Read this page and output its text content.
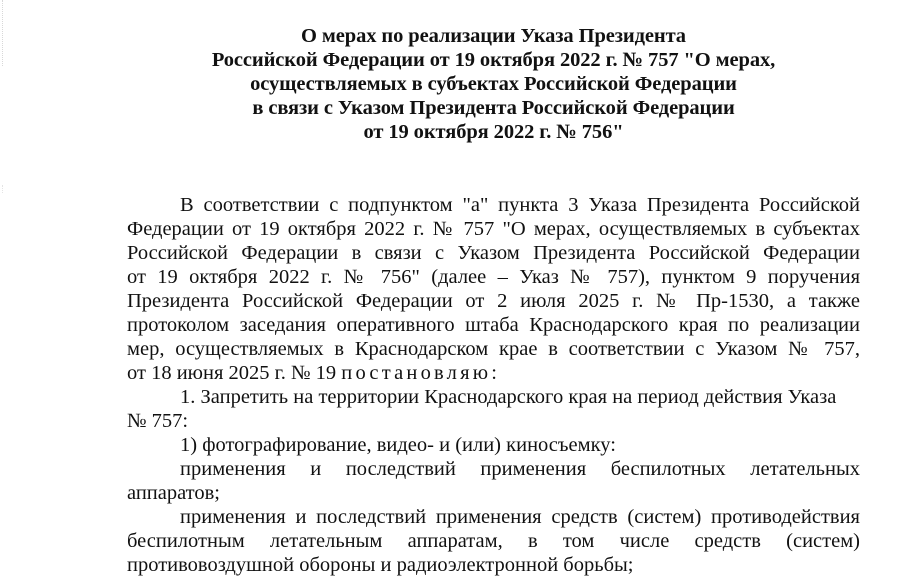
О мерах по реализации Указа Президента
Российской Федерации от 19 октября 2022 г. № 757 "О мерах,
осуществляемых в субъектах Российской Федерации
в связи с Указом Президента Российской Федерации
от 19 октября 2022 г. № 756"
В соответствии с подпунктом "а" пункта 3 Указа Президента Российской
Федерации от 19 октября 2022 г. № 757 "О мерах, осуществляемых в субъектах
Российской Федерации в связи с Указом Президента Российской Федерации
от 19 октября 2022 г. № 756" (далее – Указ № 757), пунктом 9 поручения
Президента Российской Федерации от 2 июля 2025 г. № Пр-1530, а также
протоколом заседания оперативного штаба Краснодарского края по реализации
мер, осуществляемых в Краснодарском крае в соответствии с Указом № 757,
от 18 июня 2025 г. № 19 постановляю:
1. Запретить на территории Краснодарского края на период действия Указа
№ 757:
1) фотографирование, видео- и (или) киносъемку:
применения и последствий применения беспилотных летательных
аппаратов;
применения и последствий применения средств (систем) противодействия
беспилотным летательным аппаратам, в том числе средств (систем)
противовоздушной обороны и радиоэлектронной борьбы;
